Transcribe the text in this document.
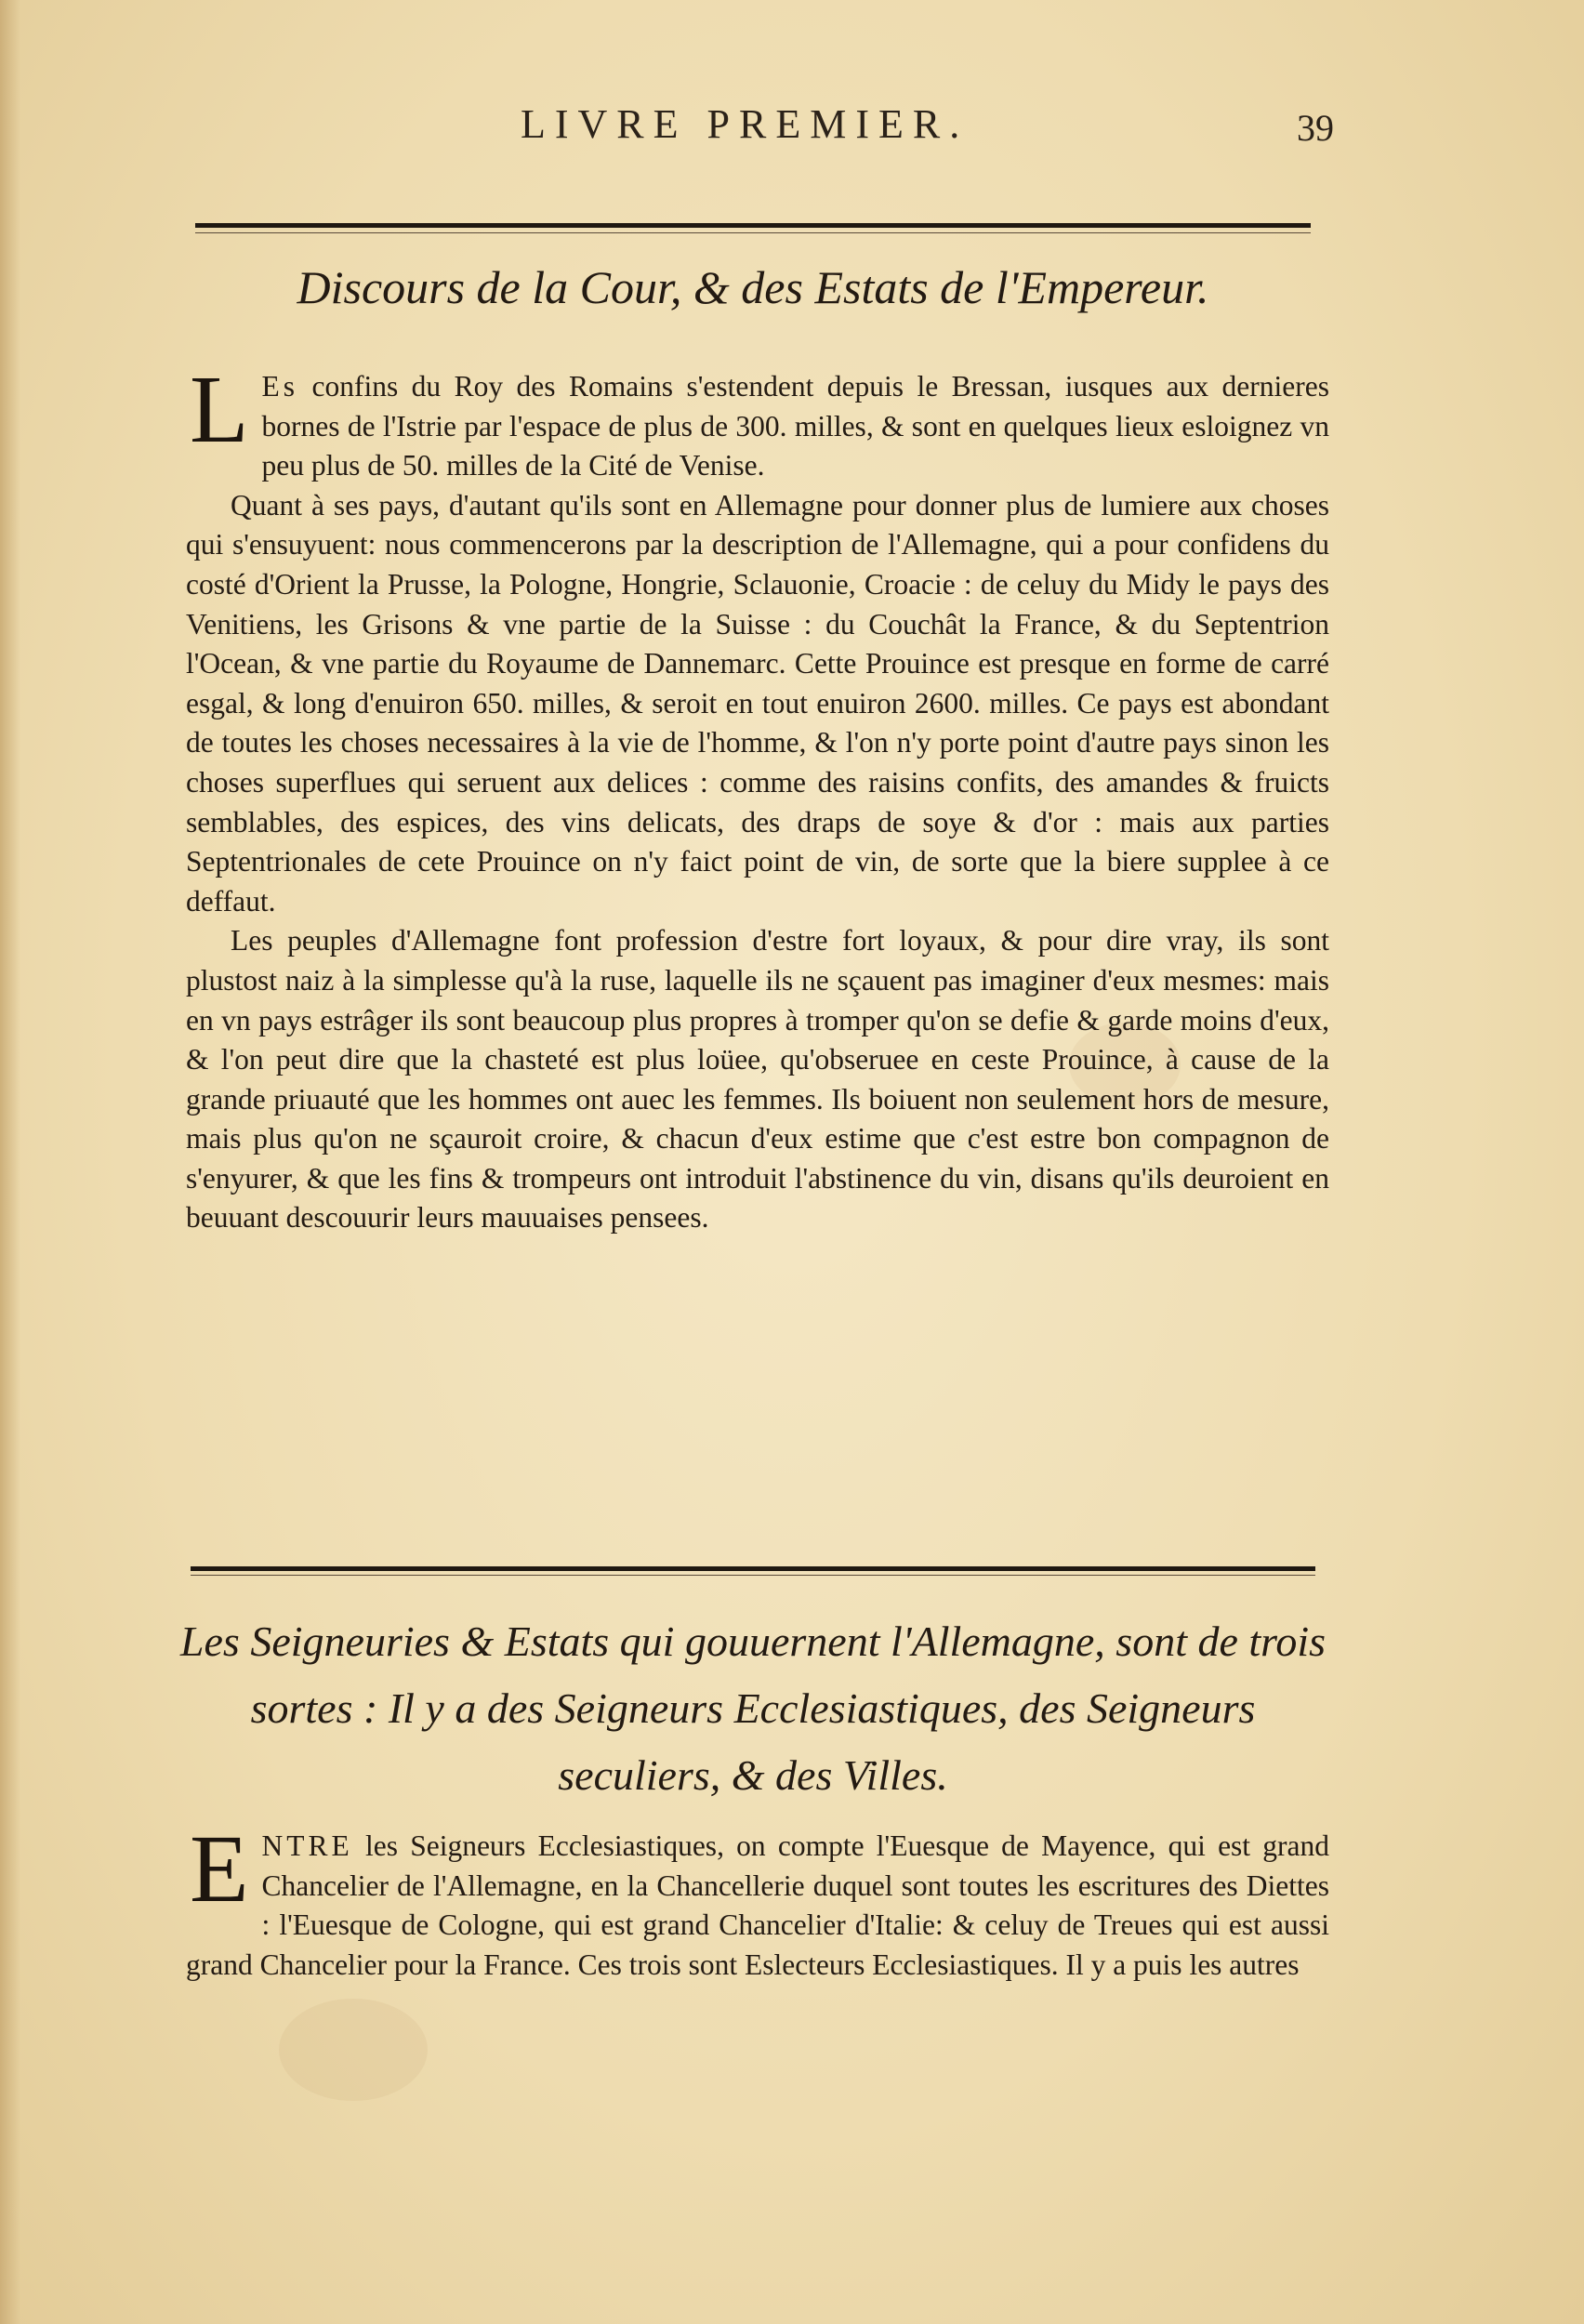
LIVRE PREMIER.	39
Discours de la Cour, & des Estats de l'Empereur.

L Es confins du Roy des Romains s'estendent depuis le Bressan, iusques aux dernieres bornes de l'Istrie par l'espace de plus de 300. milles, & sont en quelques lieux esloignez vn peu plus de 50. milles de la Cité de Venise.

Quant à ses pays, d'autant qu'ils sont en Allemagne pour donner plus de lumiere aux choses qui s'ensuyuent: nous commencerons par la description de l'Allemagne, qui a pour confidens du costé d'Orient la Prusse, la Pologne, Hongrie, Sclauonie, Croacie : de celuy du Midy le pays des Venitiens, les Grisons & vne partie de la Suisse : du Couchât la France, & du Septentrion l'Ocean, & vne partie du Royaume de Dannemarc. Cette Prouince est presque en forme de carré esgal, & long d'enuiron 650. milles, & seroit en tout enuiron 2600. milles. Ce pays est abondant de toutes les choses necessaires à la vie de l'homme, & l'on n'y porte point d'autre pays sinon les choses superflues qui seruent aux delices : comme des raisins confits, des amandes & fruicts semblables, des espices, des vins delicats, des draps de soye & d'or : mais aux parties Septentrionales de cete Prouince on n'y faict point de vin, de sorte que la biere supplee à ce deffaut.

Les peuples d'Allemagne font profession d'estre fort loyaux, & pour dire vray, ils sont plustost naiz à la simplesse qu'à la ruse, laquelle ils ne sçauent pas imaginer d'eux mesmes: mais en vn pays estrâger ils sont beaucoup plus propres à tromper qu'on se defie & garde moins d'eux, & l'on peut dire que la chasteté est plus loüee, qu'obseruee en ceste Prouince, à cause de la grande priuauté que les hommes ont auec les femmes. Ils boiuent non seulement hors de mesure, mais plus qu'on ne sçauroit croire, & chacun d'eux estime que c'est estre bon compagnon de s'enyurer, & que les fins & trompeurs ont introduit l'abstinence du vin, disans qu'ils deuroient en beuuant descouurir leurs mauuaises pensees.

Les Seigneuries & Estats qui gouuernent l'Allemagne, sont de trois sortes : Il y a des Seigneurs Ecclesiastiques, des Seigneurs seculiers, & des Villes.

ENTRE les Seigneurs Ecclesiastiques, on compte l'Euesque de Mayence, qui est grand Chancelier de l'Allemagne, en la Chancellerie duquel sont toutes les escritures des Diettes : l'Euesque de Cologne, qui est grand Chancelier d'Italie: & celuy de Treues qui est aussi grand Chancelier pour la France. Ces trois sont Eslecteurs Ecclesiastiques. Il y a puis les autres
